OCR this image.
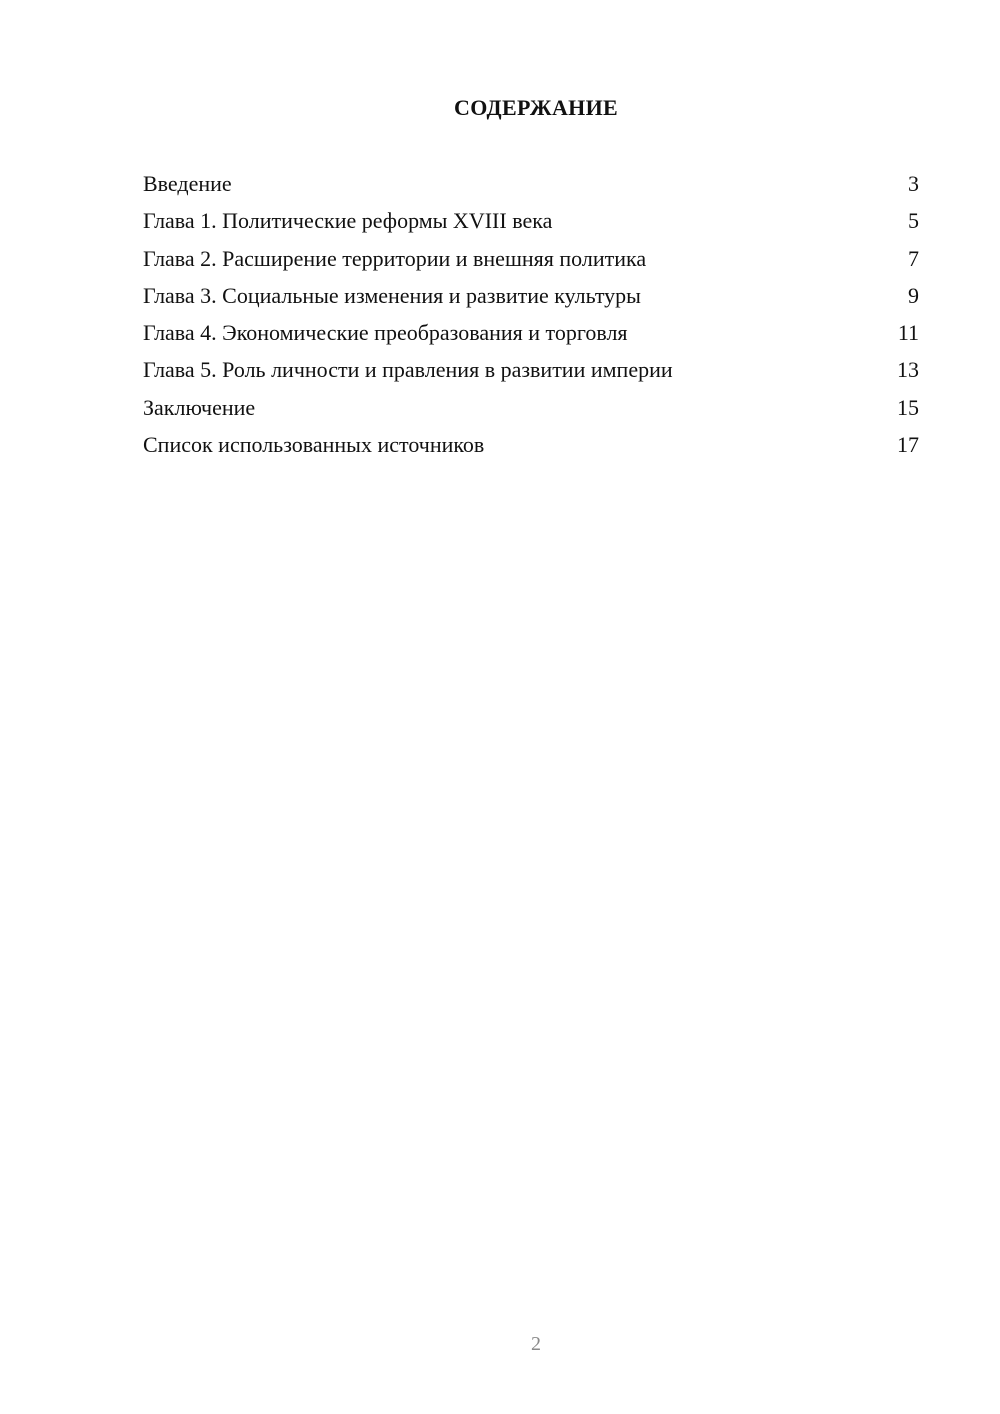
СОДЕРЖАНИЕ
Введение	3
Глава 1. Политические реформы XVIII века	5
Глава 2. Расширение территории и внешняя политика	7
Глава 3. Социальные изменения и развитие культуры	9
Глава 4. Экономические преобразования и торговля	11
Глава 5. Роль личности и правления в развитии империи	13
Заключение	15
Список использованных источников	17
2
